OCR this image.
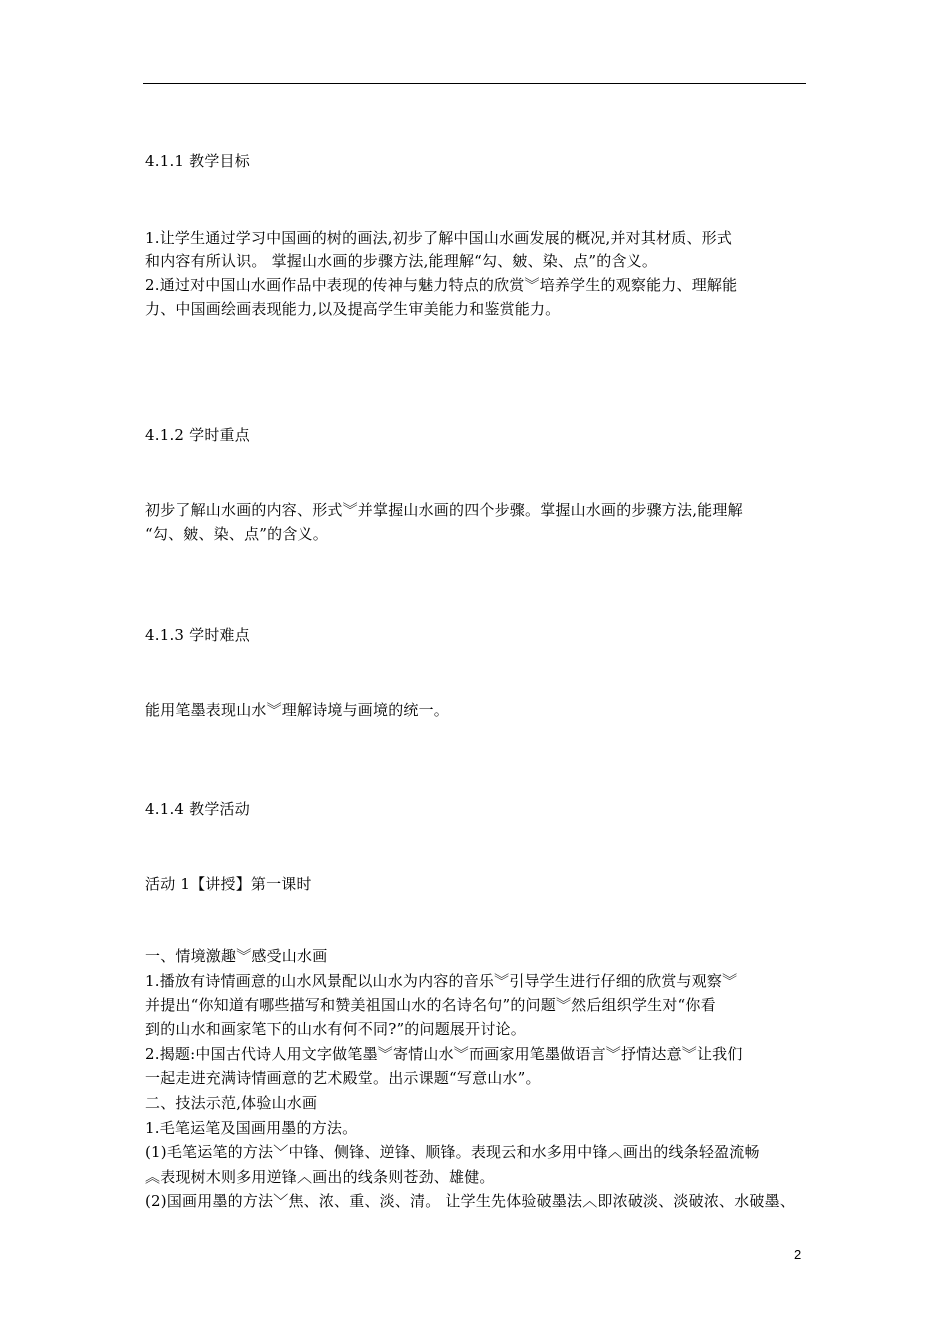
4.1.1 教学目标
1.让学生通过学习中国画的树的画法,初步了解中国山水画发展的概况,并对其材质、形式
和内容有所认识。 掌握山水画的步骤方法,能理解“勾、皴、染、点”的含义。
2.通过对中国山水画作品中表现的传神与魅力特点的欣赏︾培养学生的观察能力、理解能
力、中国画绘画表现能力,以及提高学生审美能力和鉴赏能力。
4.1.2 学时重点
初步了解山水画的内容、形式︾并掌握山水画的四个步骤。掌握山水画的步骤方法,能理解
“勾、皴、染、点”的含义。
4.1.3 学时难点
能用笔墨表现山水︾理解诗境与画境的统一。
4.1.4 教学活动
活动 1【讲授】第一课时
一、情境激趣︾感受山水画
1.播放有诗情画意的山水风景配以山水为内容的音乐︾引导学生进行仔细的欣赏与观察︾
并提出“你知道有哪些描写和赞美祖国山水的名诗名句”的问题︾然后组织学生对“你看
到的山水和画家笔下的山水有何不同?”的问题展开讨论。
2.揭题:中国古代诗人用文字做笔墨︾寄情山水︾而画家用笔墨做语言︾抒情达意︾让我们
一起走进充满诗情画意的艺术殿堂。出示课题“写意山水”。
二、技法示范,体验山水画
1.毛笔运笔及国画用墨的方法。
(1)毛笔运笔的方法﹀中锋、侧锋、逆锋、顺锋。表现云和水多用中锋︿画出的线条轻盈流畅
︽表现树木则多用逆锋︿画出的线条则苍劲、雄健。
(2)国画用墨的方法﹀焦、浓、重、淡、清。 让学生先体验破墨法︿即浓破淡、淡破浓、水破墨、
2
